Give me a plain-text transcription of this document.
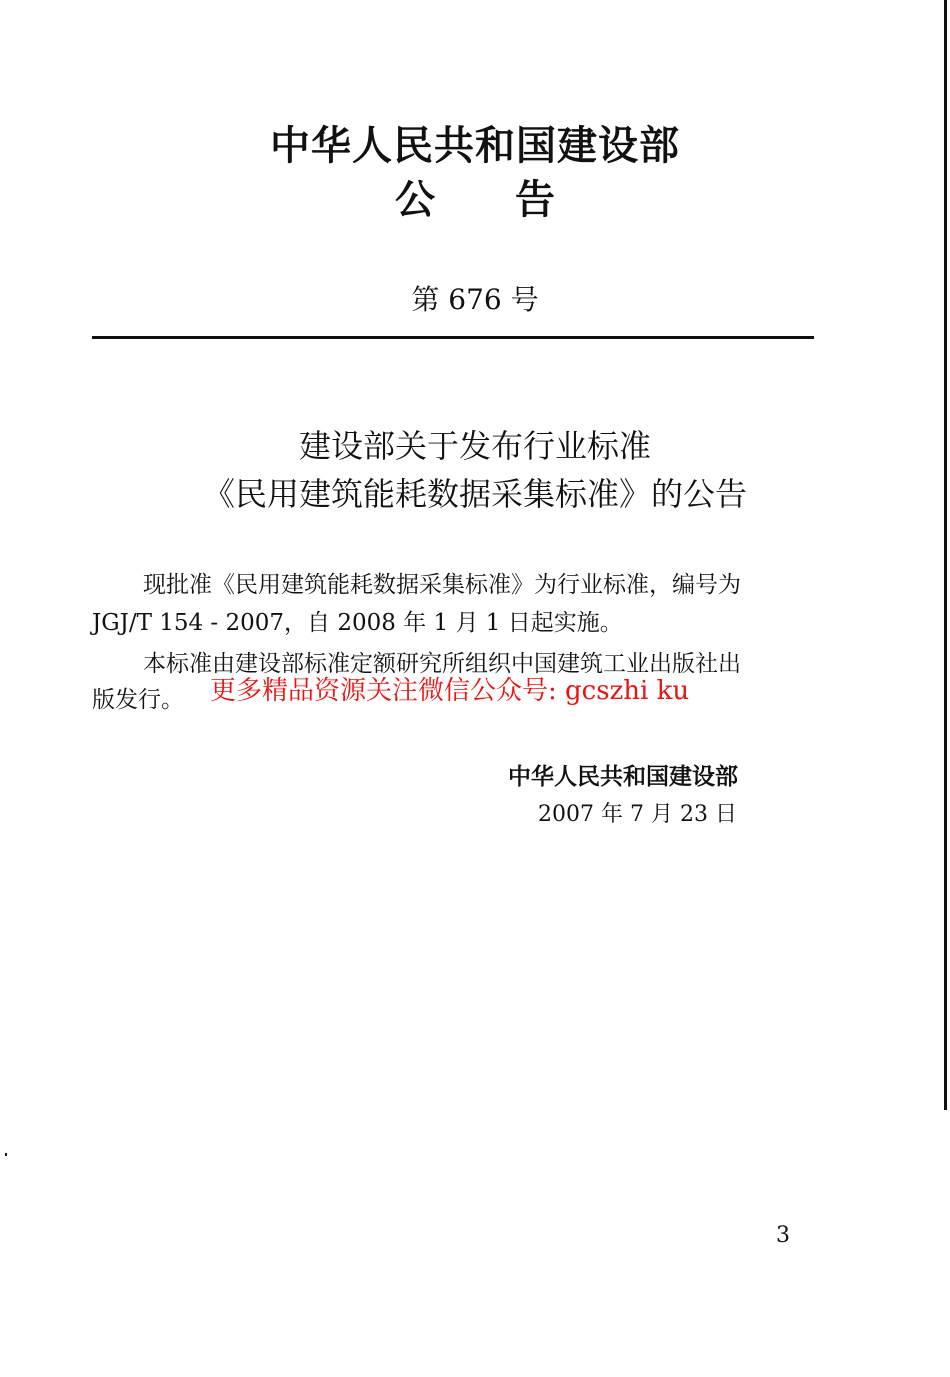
中华人民共和国建设部
公 告
第 676 号
建设部关于发布行业标准
《民用建筑能耗数据采集标准》的公告
现批准《民用建筑能耗数据采集标准》为行业标准，编号为
JGJ/T 154 - 2007，自 2008 年 1 月 1 日起实施。
本标准由建设部标准定额研究所组织中国建筑工业出版社出
版发行。	更多精品资源关注微信公众号: gcszhi ku
中华人民共和国建设部
2007 年 7 月 23 日
3
